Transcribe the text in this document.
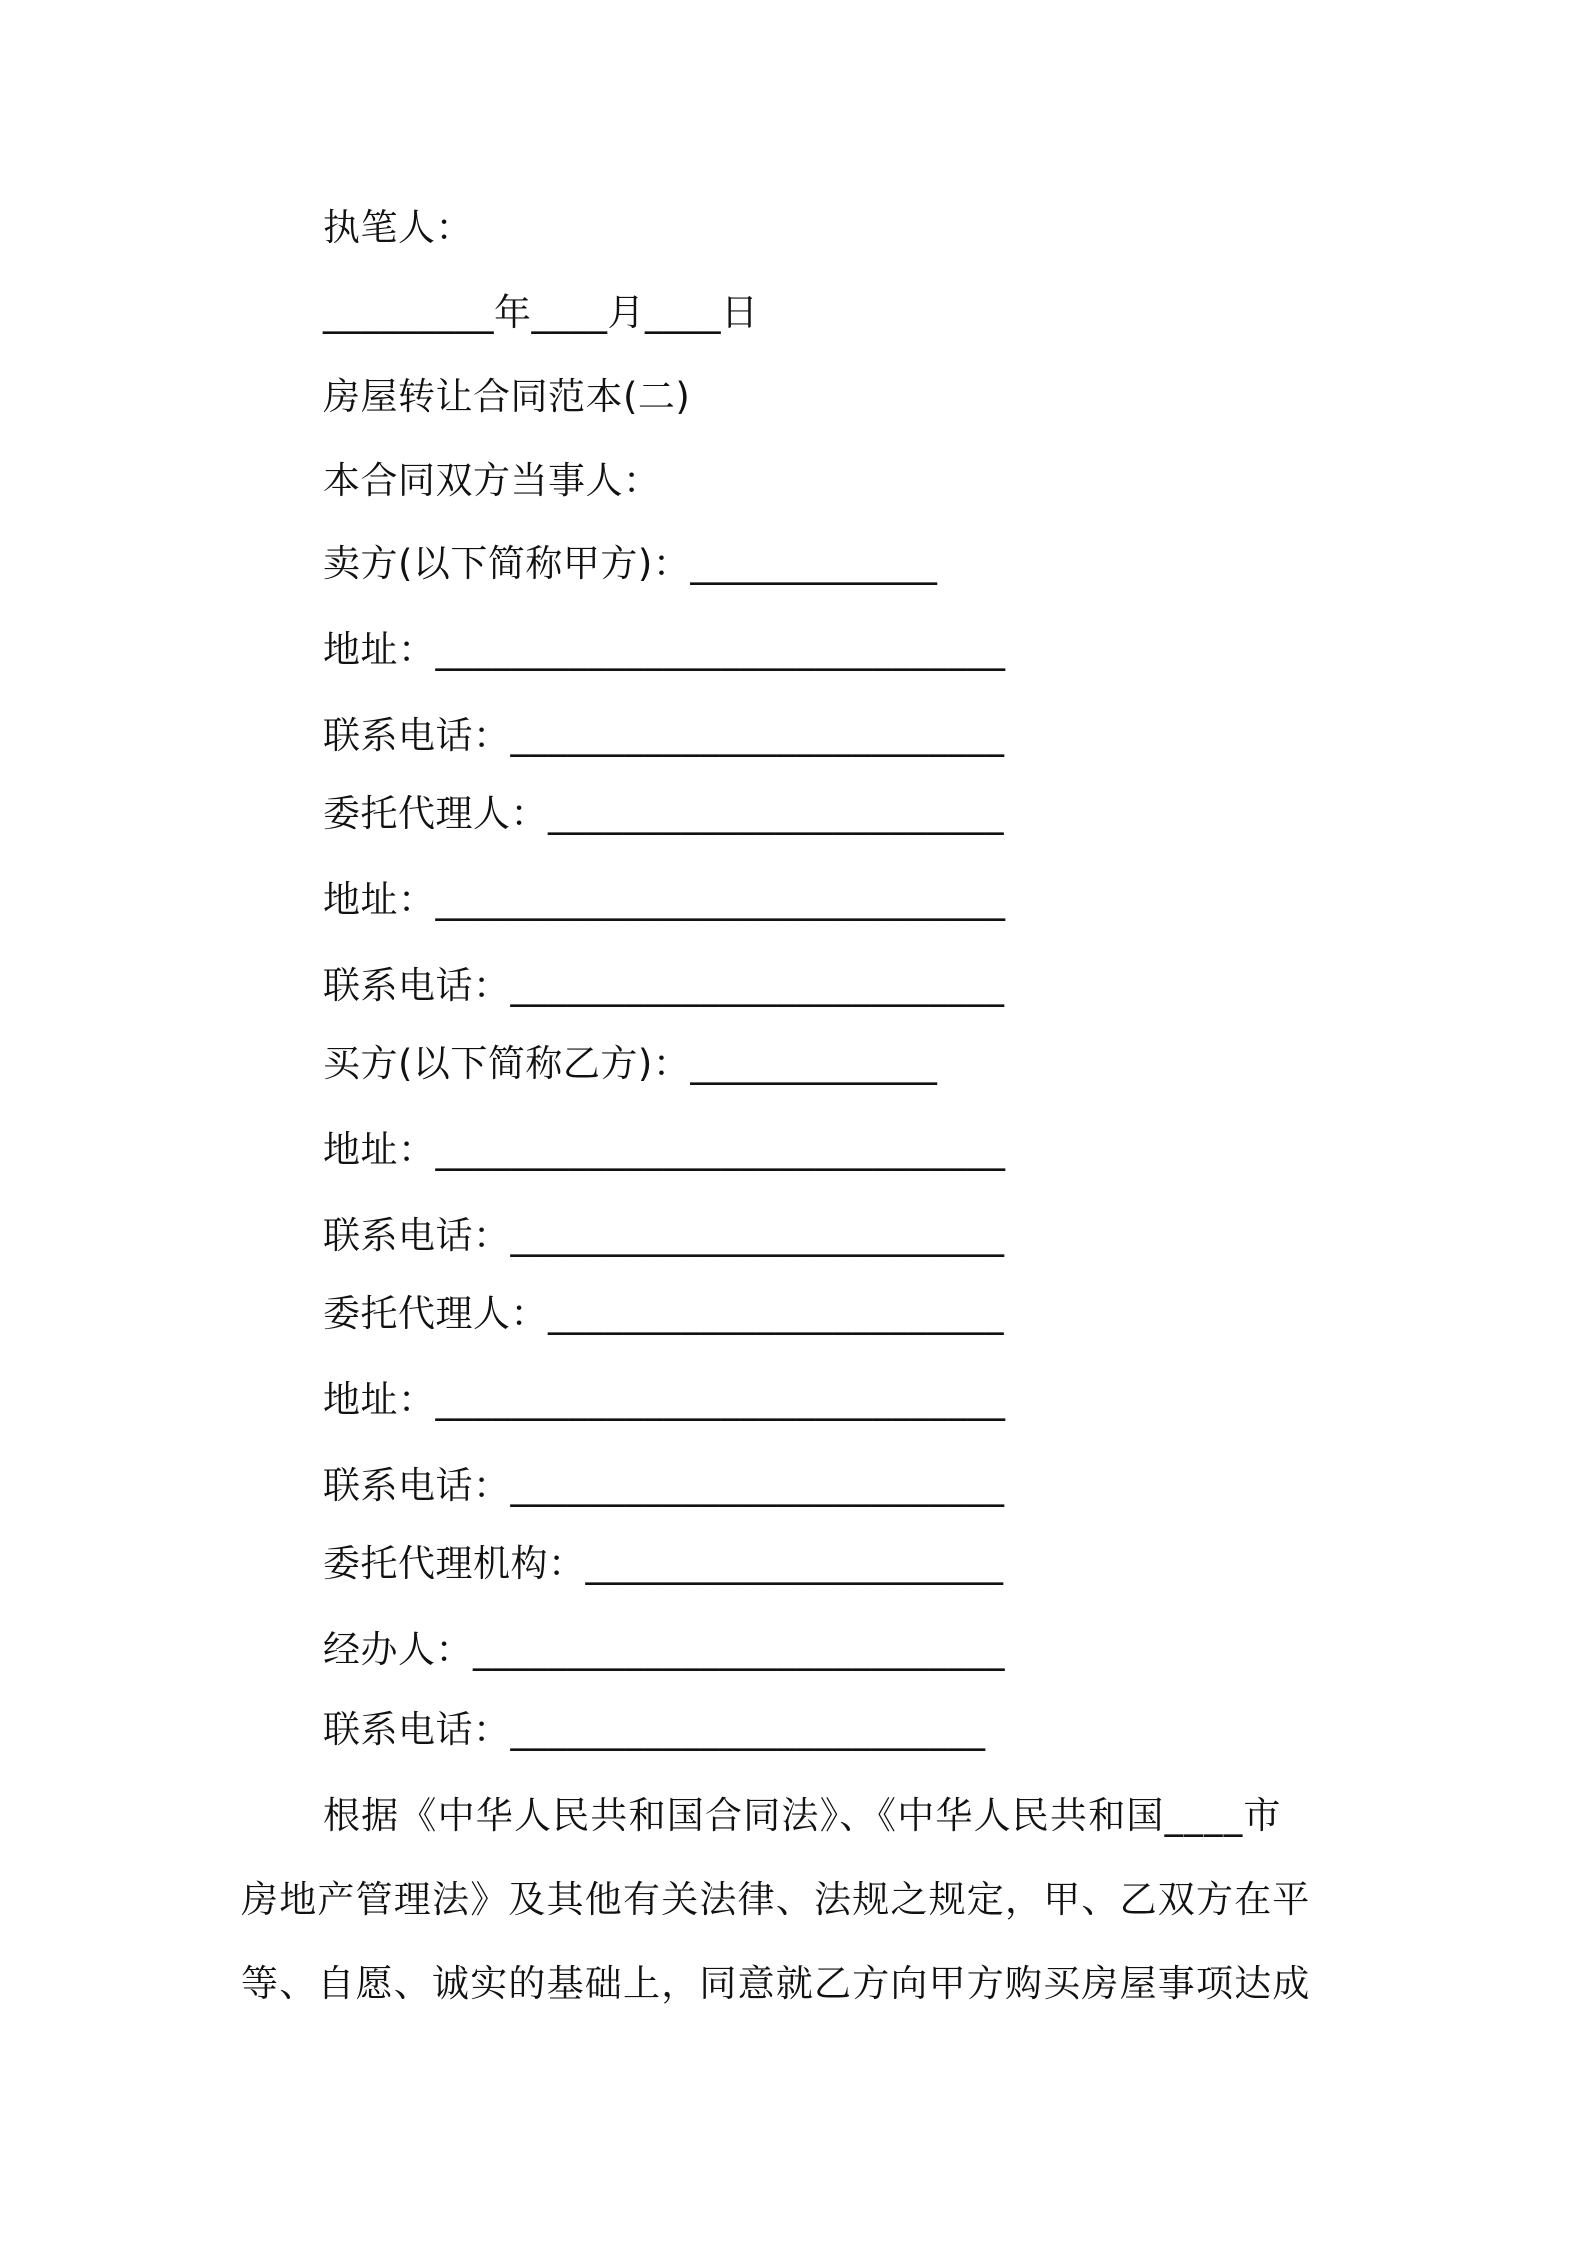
执笔人：
_________年____月____日
房屋转让合同范本(二)
本合同双方当事人：
卖方(以下简称甲方)：_____________
地址：______________________________
联系电话：__________________________
委托代理人：________________________
地址：______________________________
联系电话：__________________________
买方(以下简称乙方)：_____________
地址：______________________________
联系电话：__________________________
委托代理人：________________________
地址：______________________________
联系电话：__________________________
委托代理机构：______________________
经办人：____________________________
联系电话：_________________________
根据《中华人民共和国合同法》、《中华人民共和国____市
房地产管理法》及其他有关法律、法规之规定，甲、乙双方在平
等、自愿、诚实的基础上，同意就乙方向甲方购买房屋事项达成
